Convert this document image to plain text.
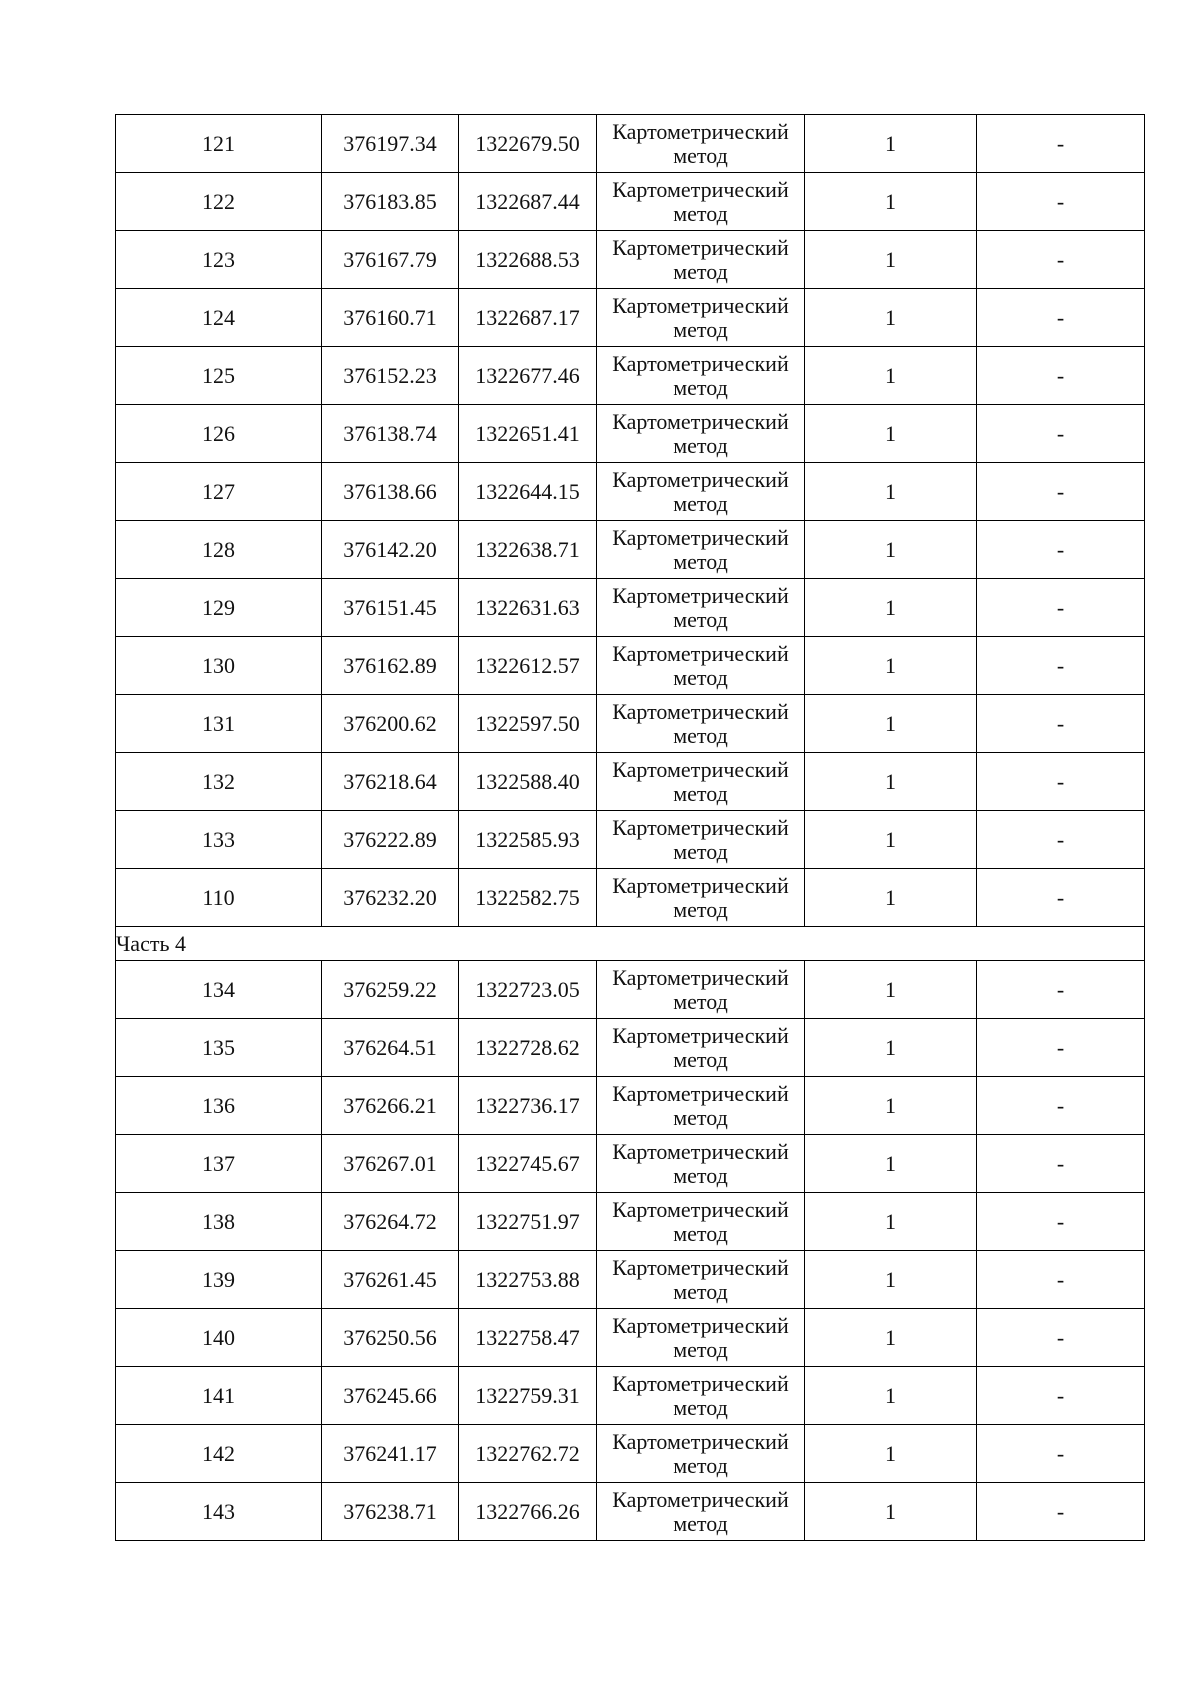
121	376197.34	1322679.50	Картометрический метод	1	-
122	376183.85	1322687.44	Картометрический метод	1	-
123	376167.79	1322688.53	Картометрический метод	1	-
124	376160.71	1322687.17	Картометрический метод	1	-
125	376152.23	1322677.46	Картометрический метод	1	-
126	376138.74	1322651.41	Картометрический метод	1	-
127	376138.66	1322644.15	Картометрический метод	1	-
128	376142.20	1322638.71	Картометрический метод	1	-
129	376151.45	1322631.63	Картометрический метод	1	-
130	376162.89	1322612.57	Картометрический метод	1	-
131	376200.62	1322597.50	Картометрический метод	1	-
132	376218.64	1322588.40	Картометрический метод	1	-
133	376222.89	1322585.93	Картометрический метод	1	-
110	376232.20	1322582.75	Картометрический метод	1	-
Часть 4					
134	376259.22	1322723.05	Картометрический метод	1	-
135	376264.51	1322728.62	Картометрический метод	1	-
136	376266.21	1322736.17	Картометрический метод	1	-
137	376267.01	1322745.67	Картометрический метод	1	-
138	376264.72	1322751.97	Картометрический метод	1	-
139	376261.45	1322753.88	Картометрический метод	1	-
140	376250.56	1322758.47	Картометрический метод	1	-
141	376245.66	1322759.31	Картометрический метод	1	-
142	376241.17	1322762.72	Картометрический метод	1	-
143	376238.71	1322766.26	Картометрический метод	1	-
